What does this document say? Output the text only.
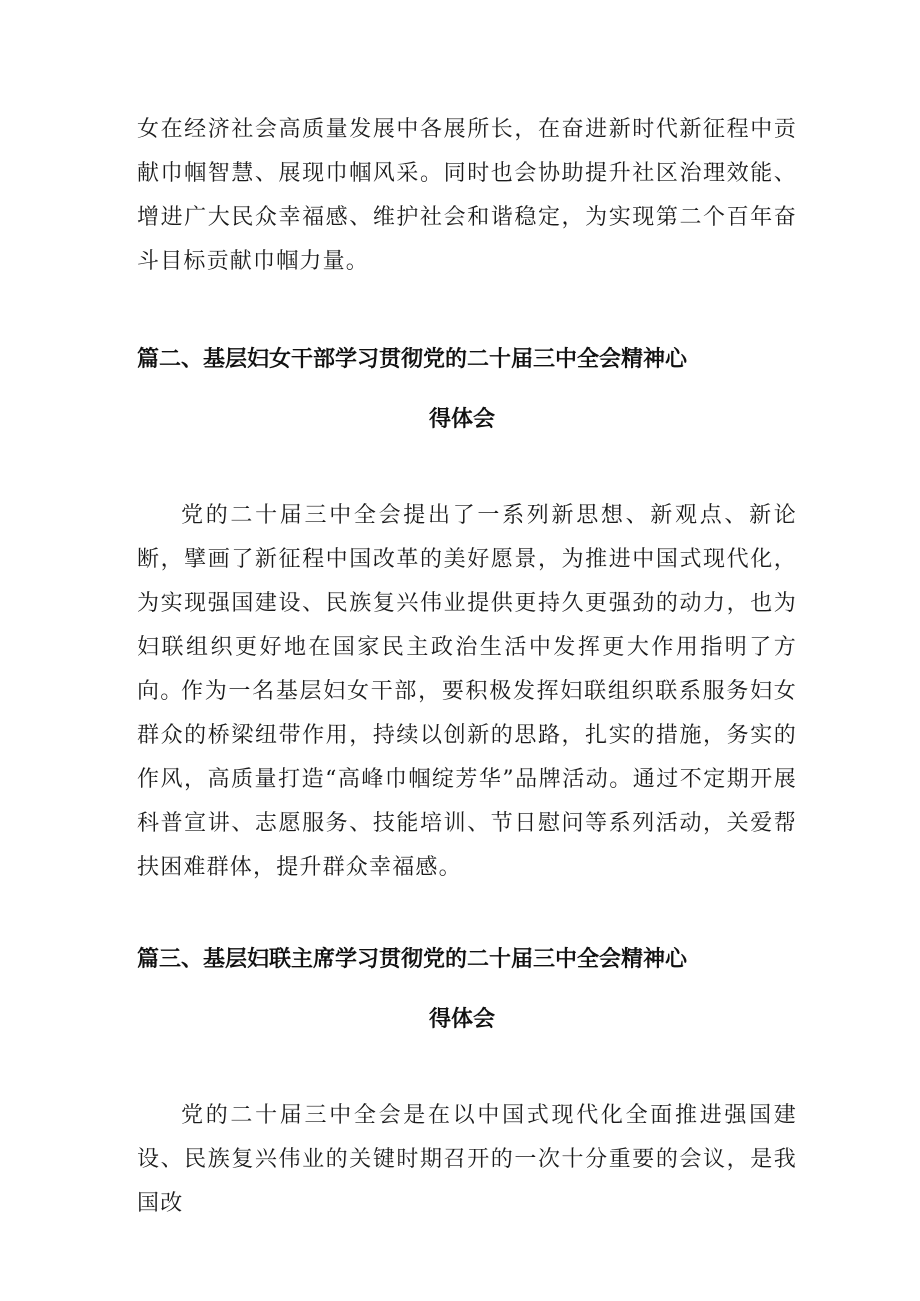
女在经济社会高质量发展中各展所长，在奋进新时代新征程中贡献巾帼智慧、展现巾帼风采。同时也会协助提升社区治理效能、增进广大民众幸福感、维护社会和谐稳定，为实现第二个百年奋斗目标贡献巾帼力量。

篇二、基层妇女干部学习贯彻党的二十届三中全会精神心
得体会

党的二十届三中全会提出了一系列新思想、新观点、新论断，擘画了新征程中国改革的美好愿景，为推进中国式现代化，为实现强国建设、民族复兴伟业提供更持久更强劲的动力，也为妇联组织更好地在国家民主政治生活中发挥更大作用指明了方向。

作为一名基层妇女干部，要积极发挥妇联组织联系服务妇女群众的桥梁纽带作用，持续以创新的思路，扎实的措施，务实的作风，高质量打造“高峰巾帼绽芳华”品牌活动。通过不定期开展科普宣讲、志愿服务、技能培训、节日慰问等系列活动，关爱帮扶困难群体，提升群众幸福感。

篇三、基层妇联主席学习贯彻党的二十届三中全会精神心
得体会

党的二十届三中全会是在以中国式现代化全面推进强国建设、民族复兴伟业的关键时期召开的一次十分重要的会议，是我国改
